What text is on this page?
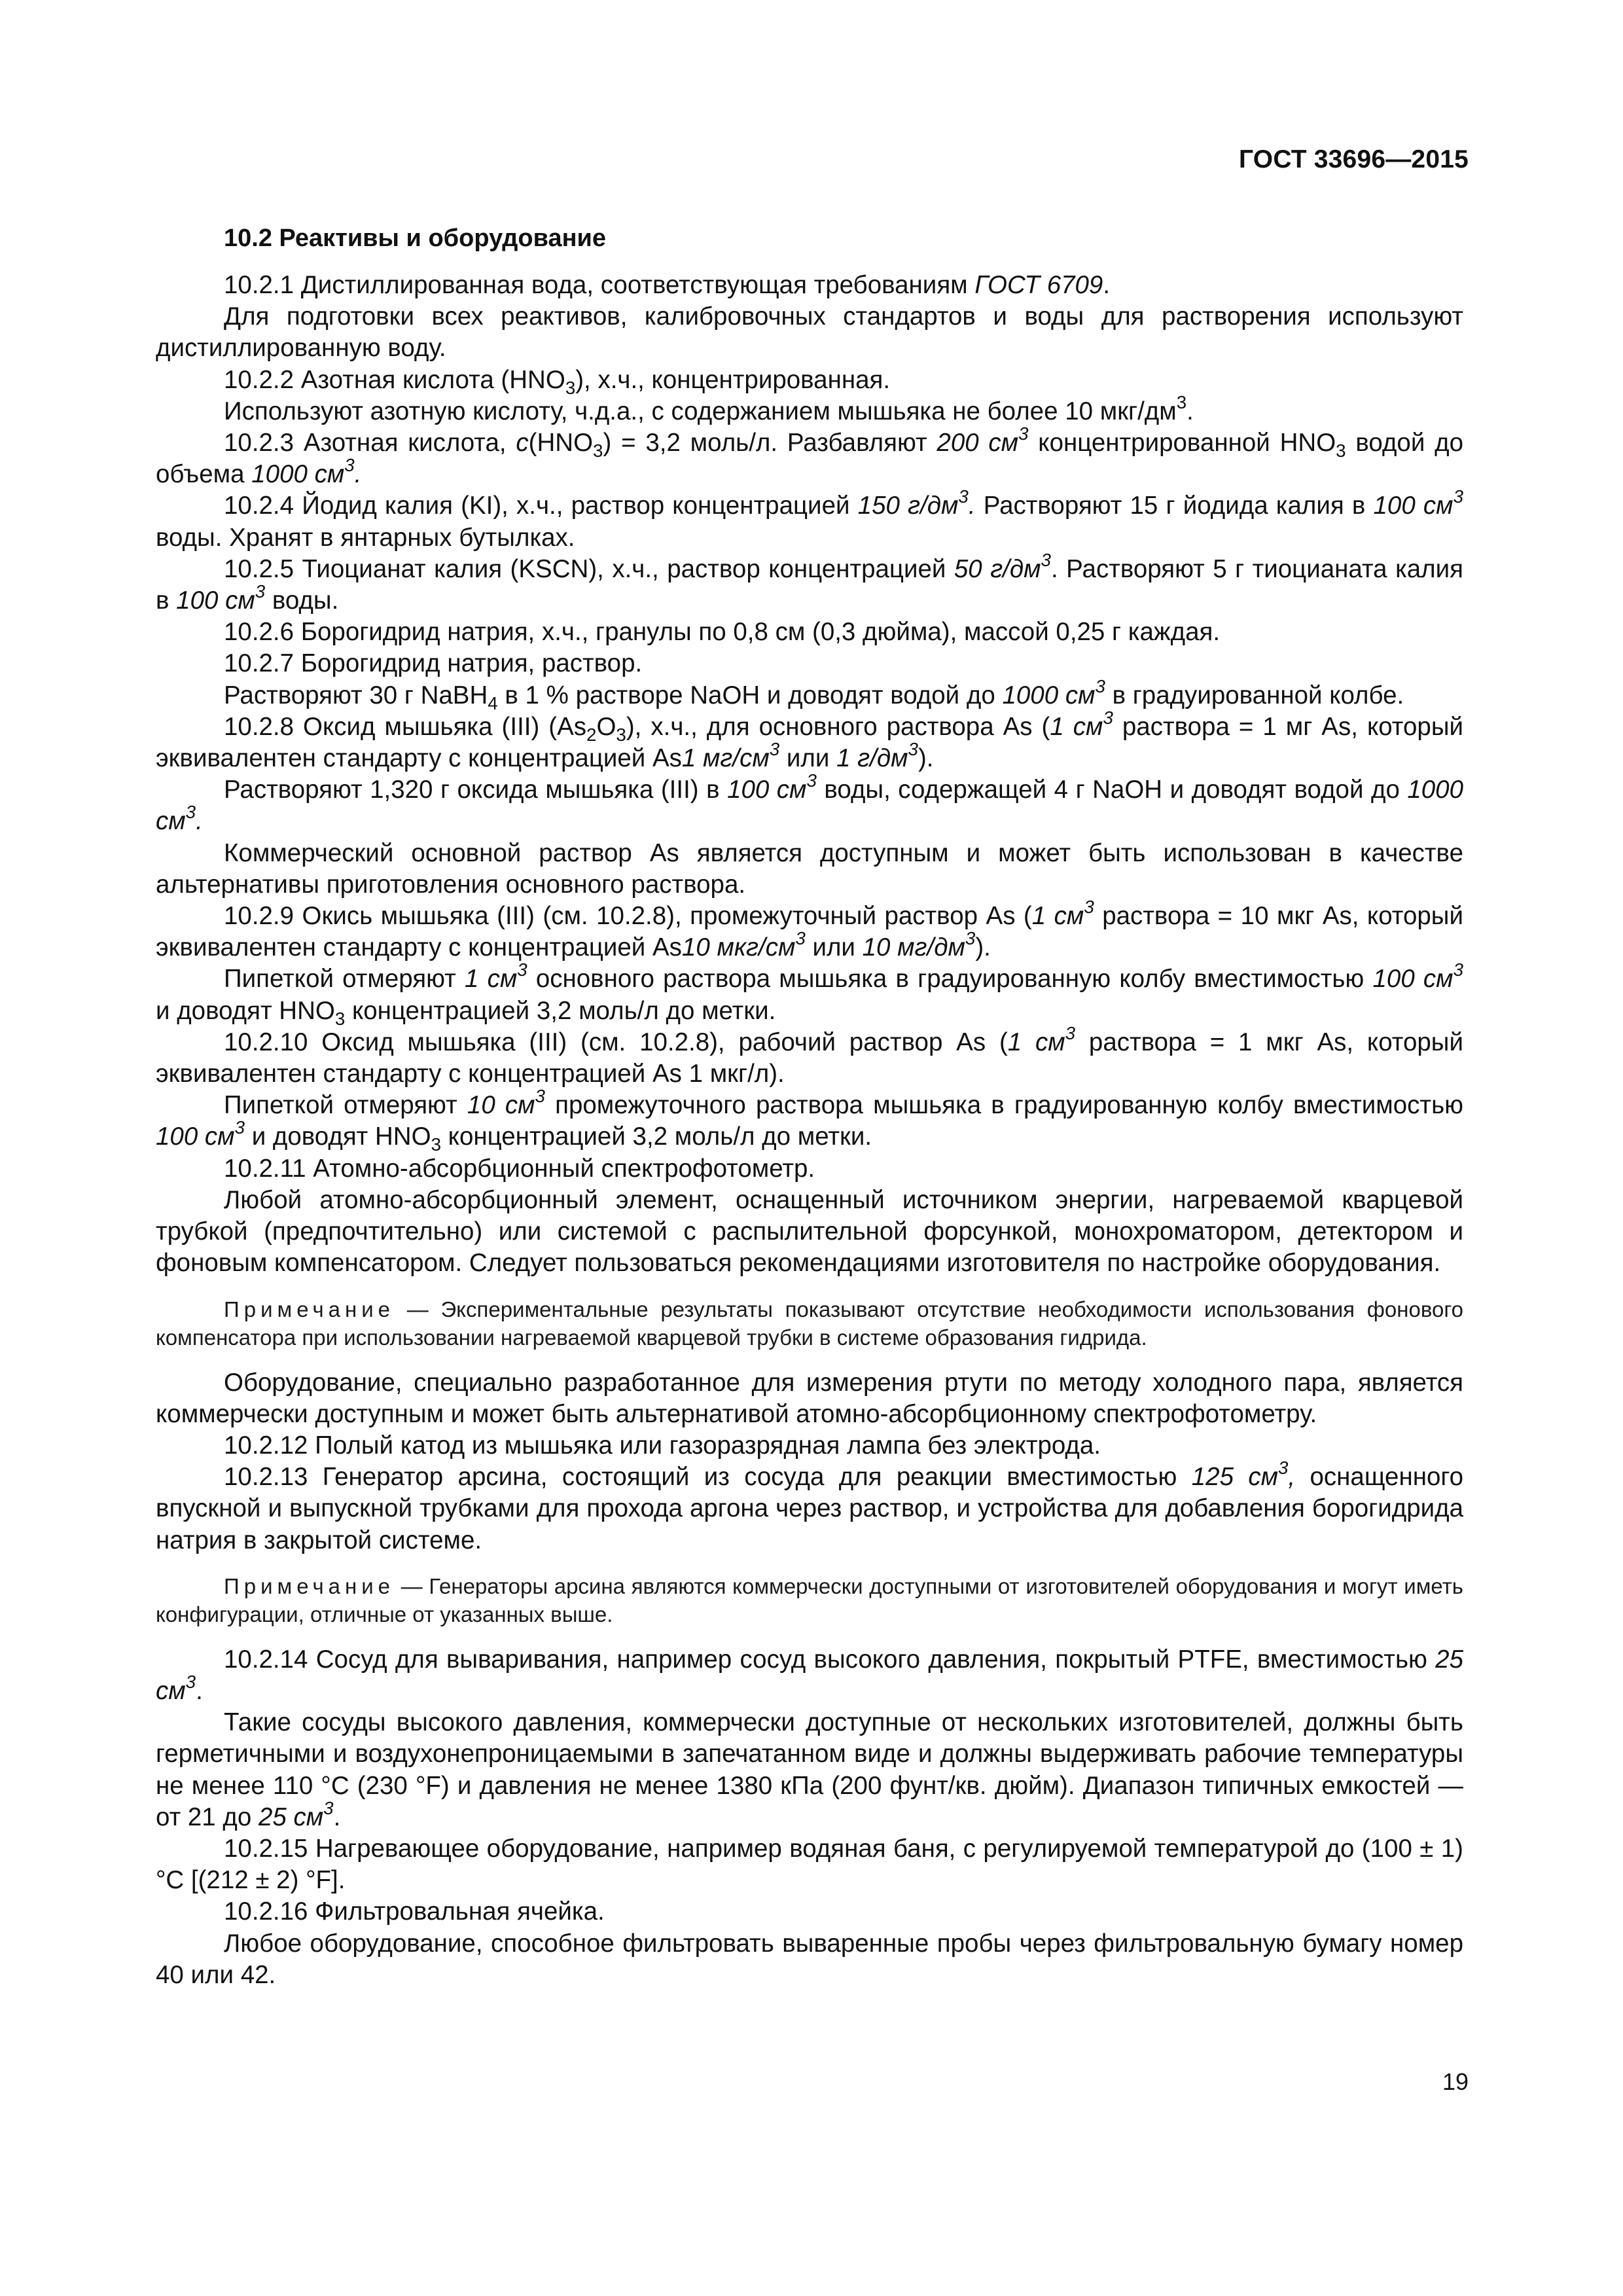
ГОСТ 33696—2015
10.2 Реактивы и оборудование

10.2.1 Дистиллированная вода, соответствующая требованиям ГОСТ 6709.

Для подготовки всех реактивов, калибровочных стандартов и воды для растворения используют дистиллированную воду.

10.2.2 Азотная кислота $(HNO_3)$, х.ч., концентрированная.

Используют азотную кислоту, ч.д.а., с содержанием мышьяка не более 10 мкг/$дм^3$.

10.2.3 Азотная кислота, $c(HNO_3) = 3,2$ моль/л. Разбавляют 200 $см^3$ концентрированной $HNO_3$ водой до объема 1000 $см^3$.

10.2.4 Йодид калия (KI), х.ч., раствор концентрацией 150 $г/дм^3$. Растворяют 15 г йодида калия в 100 $см^3$ воды. Хранят в янтарных бутылках.

10.2.5 Тиоцианат калия (KSCN), х.ч., раствор концентрацией 50 $г/дм^3$. Растворяют 5 г тиоцианата калия в 100 $см^3$ воды.

10.2.6 Борогидрид натрия, х.ч., гранулы по 0,8 см (0,3 дюйма), массой 0,25 г каждая.

10.2.7 Борогидрид натрия, раствор.

Растворяют 30 г NaBH$_4$ в 1 % растворе NaOH и доводят водой до 1000 $см^3$ в градуированной колбе.

10.2.8 Оксид мышьяка (III) $(As_2O_3)$, х.ч., для основного раствора As (1 $см^3$ раствора = 1 мг As, который эквивалентен стандарту с концентрацией As1 $мг/см^3$ или 1 $г/дм^3$).

Растворяют 1,320 г оксида мышьяка (III) в 100 $см^3$ воды, содержащей 4 г NaOH и доводят водой до 1000 $см^3$.

Коммерческий основной раствор As является доступным и может быть использован в качестве альтернативы приготовления основного раствора.

10.2.9 Окись мышьяка (III) (см. 10.2.8), промежуточный раствор As (1 $см^3$ раствора = 10 мкг As, который эквивалентен стандарту с концентрацией As10 мкг/$см^3$ или 10 $мг/дм^3$).

Пипеткой отмеряют 1 $см^3$ основного раствора мышьяка в градуированную колбу вместимостью 100 $см^3$ и доводят $HNO_3$ концентрацией 3,2 моль/л до метки.

10.2.10 Оксид мышьяка (III) (см. 10.2.8), рабочий раствор As (1 $см^3$ раствора = 1 мкг As, который эквивалентен стандарту с концентрацией As 1 мкг/л).

Пипеткой отмеряют 10 $см^3$ промежуточного раствора мышьяка в градуированную колбу вместимостью 100 $см^3$ и доводят $HNO_3$ концентрацией 3,2 моль/л до метки.

10.2.11 Атомно-абсорбционный спектрофотометр.

Любой атомно-абсорбционный элемент, оснащенный источником энергии, нагреваемой кварцевой трубкой (предпочтительно) или системой с распылительной форсункой, монохроматором, детектором и фоновым компенсатором. Следует пользоваться рекомендациями изготовителя по настройке оборудования.

Примечание — Экспериментальные результаты показывают отсутствие необходимости использования фонового компенсатора при использовании нагреваемой кварцевой трубки в системе образования гидрида.

Оборудование, специально разработанное для измерения ртути по методу холодного пара, является коммерчески доступным и может быть альтернативой атомно-абсорбционному спектрофотометру.

10.2.12 Полый катод из мышьяка или газоразрядная лампа без электрода.

10.2.13 Генератор арсина, состоящий из сосуда для реакции вместимостью 125 $см^3$, оснащенного впускной и выпускной трубками для прохода аргона через раствор, и устройства для добавления борогидрида натрия в закрытой системе.

Примечание — Генераторы арсина являются коммерчески доступными от изготовителей оборудования и могут иметь конфигурации, отличные от указанных выше.

10.2.14 Сосуд для вываривания, например сосуд высокого давления, покрытый PTFE, вместимостью 25 $см^3$.

Такие сосуды высокого давления, коммерчески доступные от нескольких изготовителей, должны быть герметичными и воздухонепроницаемыми в запечатанном виде и должны выдерживать рабочие температуры не менее 110 °C (230 °F) и давления не менее 1380 кПа (200 фунт/кв. дюйм). Диапазон типичных емкостей — от 21 до 25 $см^3$.

10.2.15 Нагревающее оборудование, например водяная баня, с регулируемой температурой до (100 ± 1) °C [(212 ± 2) °F].

10.2.16 Фильтровальная ячейка.

Любое оборудование, способное фильтровать вываренные пробы через фильтровальную бумагу номер 40 или 42.

19
